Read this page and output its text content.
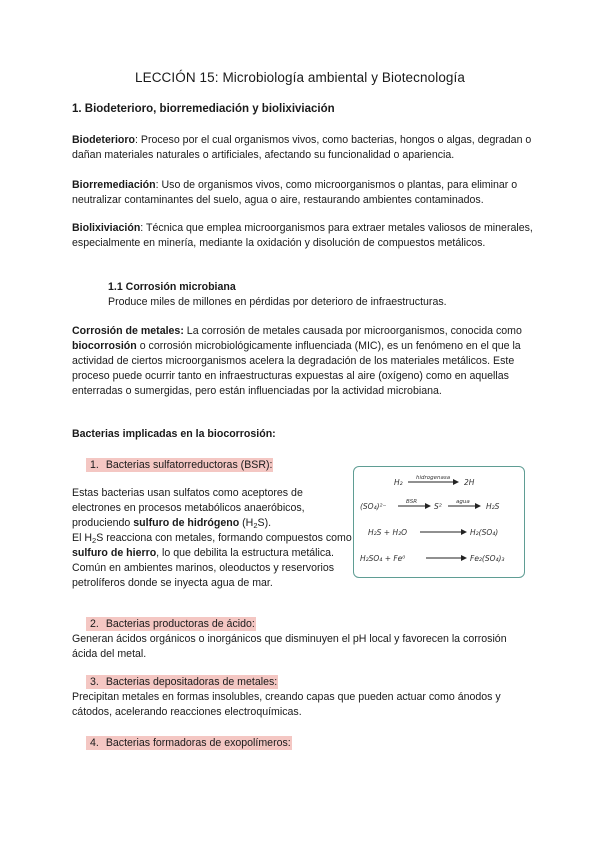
LECCIÓN 15: Microbiología ambiental y Biotecnología
1. Biodeterioro, biorremediación y biolixiviación

Biodeterioro: Proceso por el cual organismos vivos, como bacterias, hongos o algas, degradan o dañan materiales naturales o artificiales, afectando su funcionalidad o apariencia.

Biorremediación: Uso de organismos vivos, como microorganismos o plantas, para eliminar o neutralizar contaminantes del suelo, agua o aire, restaurando ambientes contaminados.

Biolixiviación: Técnica que emplea microorganismos para extraer metales valiosos de minerales, especialmente en minería, mediante la oxidación y disolución de compuestos metálicos.

1.1 Corrosión microbiana
Produce miles de millones en pérdidas por deterioro de infraestructuras.

Corrosión de metales: La corrosión de metales causada por microorganismos, conocida como biocorrosión o corrosión microbiológicamente influenciada (MIC), es un fenómeno en el que la actividad de ciertos microorganismos acelera la degradación de los materiales metálicos. Este proceso puede ocurrir tanto en infraestructuras expuestas al aire (oxígeno) como en aquellas enterradas o sumergidas, pero están influenciadas por la actividad microbiana.

Bacterias implicadas en la biocorrosión:
1. Bacterias sulfatorreductoras (BSR):

Estas bacterias usan sulfatos como aceptores de electrones en procesos metabólicos anaeróbicos, produciendo sulfuro de hidrógeno $(H_2S)$.
El $H_2S$ reacciona con metales, formando compuestos como sulfuro de hierro, lo que debilita la estructura metálica.
Común en ambientes marinos, oleoductos y reservorios petrolíferos donde se inyecta agua de mar.

H₂ hidrogenasa 2H
(SO₄)²⁻	BSR S²	agua H₂S
H₂S + H₂O	H₂(SO₄)
H₂SO₄ + Fe⁰	Fe₂(SO₄)₃
2. Bacterias productoras de ácido:

Generan ácidos orgánicos o inorgánicos que disminuyen el pH local y favorecen la corrosión ácida del metal.

3. Bacterias depositadoras de metales:

Precipitan metales en formas insolubles, creando capas que pueden actuar como ánodos y cátodos, acelerando reacciones electroquímicas.

4. Bacterias formadoras de exopolímeros:
